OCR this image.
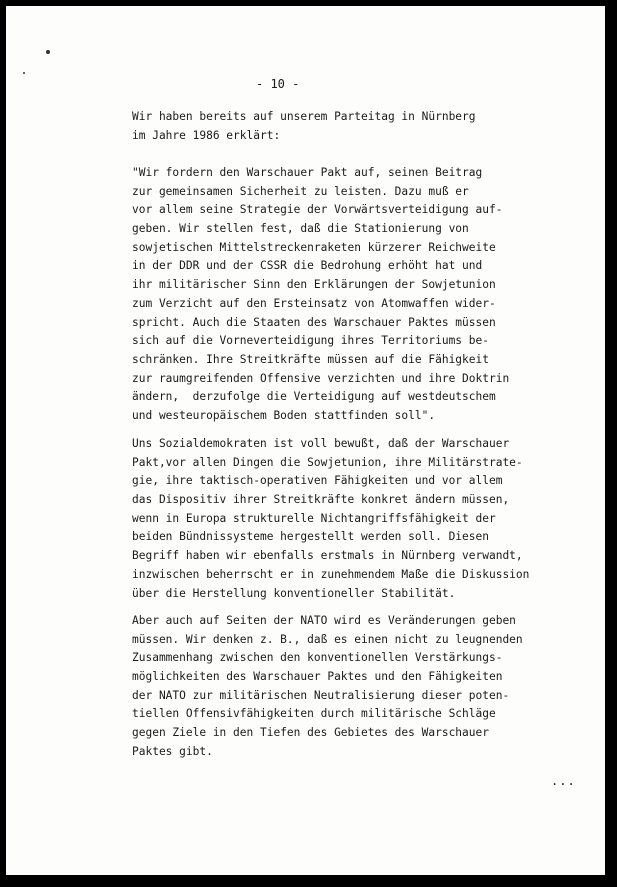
- 10 -
Wir haben bereits auf unserem Parteitag in Nürnberg
im Jahre 1986 erklärt:
"Wir fordern den Warschauer Pakt auf, seinen Beitrag
zur gemeinsamen Sicherheit zu leisten. Dazu muß er
vor allem seine Strategie der Vorwärtsverteidigung auf-
geben. Wir stellen fest, daß die Stationierung von
sowjetischen Mittelstreckenraketen kürzerer Reichweite
in der DDR und der CSSR die Bedrohung erhöht hat und
ihr militärischer Sinn den Erklärungen der Sowjetunion
zum Verzicht auf den Ersteinsatz von Atomwaffen wider-
spricht. Auch die Staaten des Warschauer Paktes müssen
sich auf die Vorneverteidigung ihres Territoriums be-
schränken. Ihre Streitkräfte müssen auf die Fähigkeit
zur raumgreifenden Offensive verzichten und ihre Doktrin
ändern,  derzufolge die Verteidigung auf westdeutschem
und westeuropäischem Boden stattfinden soll".
Uns Sozialdemokraten ist voll bewußt, daß der Warschauer
Pakt,vor allen Dingen die Sowjetunion, ihre Militärstrate-
gie, ihre taktisch-operativen Fähigkeiten und vor allem
das Dispositiv ihrer Streitkräfte konkret ändern müssen,
wenn in Europa strukturelle Nichtangriffsfähigkeit der
beiden Bündnissysteme hergestellt werden soll. Diesen
Begriff haben wir ebenfalls erstmals in Nürnberg verwandt,
inzwischen beherrscht er in zunehmendem Maße die Diskussion
über die Herstellung konventioneller Stabilität.
Aber auch auf Seiten der NATO wird es Veränderungen geben
müssen. Wir denken z. B., daß es einen nicht zu leugnenden
Zusammenhang zwischen den konventionellen Verstärkungs-
möglichkeiten des Warschauer Paktes und den Fähigkeiten
der NATO zur militärischen Neutralisierung dieser poten-
tiellen Offensivfähigkeiten durch militärische Schläge
gegen Ziele in den Tiefen des Gebietes des Warschauer
Paktes gibt.
...
